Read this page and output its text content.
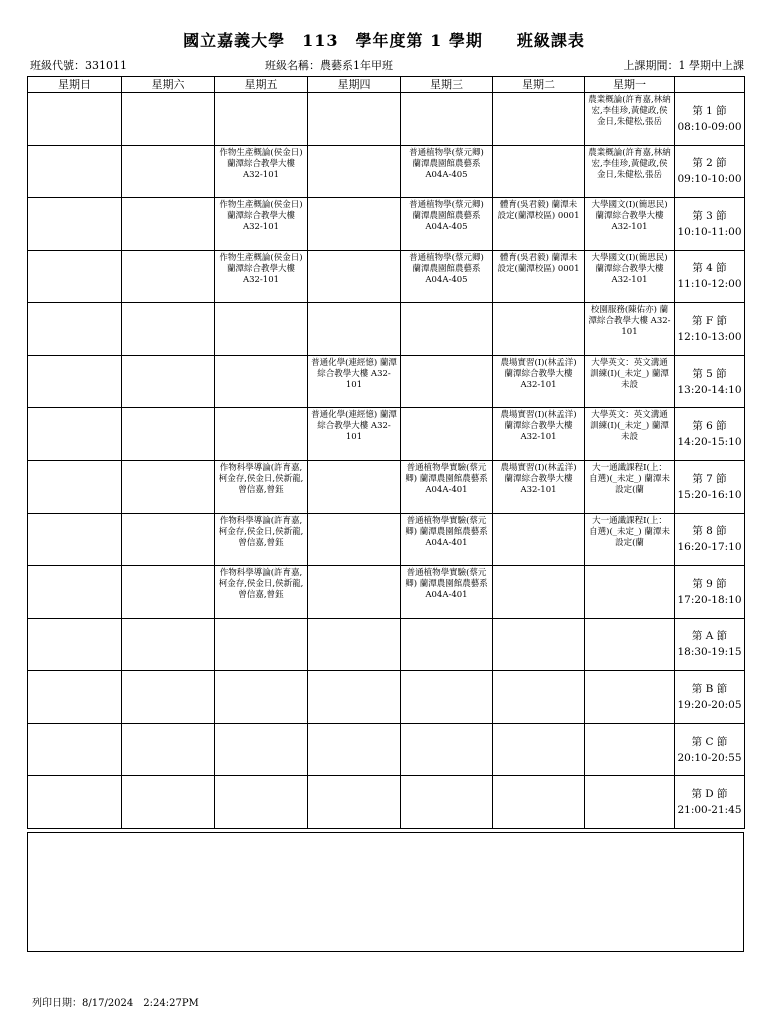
國立嘉義大學　113　學年度第 1 學期　　班級課表
班級代號：331011	班級名稱：農藝系1年甲班	上課期間：1 學期中上課
星期日	星期六	星期五	星期四	星期三	星期二	星期一	
						農業概論(許育嘉,林納宏,李佳珍,黃健政,侯金日,朱健松,張岳	第 1 節
08:10-09:00

		作物生產概論(侯金日) 蘭潭綜合教學大樓 A32-101		普通植物學(蔡元卿) 蘭潭農園館農藝系 A04A-405		農業概論(許育嘉,林納宏,李佳珍,黃健政,侯金日,朱健松,張岳	第 2 節
09:10-10:00

		作物生產概論(侯金日) 蘭潭綜合教學大樓 A32-101		普通植物學(蔡元卿) 蘭潭農園館農藝系 A04A-405	體育(吳君毅) 蘭潭未設定(蘭潭校區) 0001	大學國文(I)(簡思民) 蘭潭綜合教學大樓 A32-101	第 3 節
10:10-11:00

		作物生產概論(侯金日) 蘭潭綜合教學大樓 A32-101		普通植物學(蔡元卿) 蘭潭農園館農藝系 A04A-405	體育(吳君毅) 蘭潭未設定(蘭潭校區) 0001	大學國文(I)(簡思民) 蘭潭綜合教學大樓 A32-101	第 4 節
11:10-12:00

						校園服務(陳佑亦) 蘭潭綜合教學大樓 A32-101	第 F 節
12:10-13:00

			普通化學(連經憶) 蘭潭綜合教學大樓 A32-101		農場實習(I)(林孟洋) 蘭潭綜合教學大樓 A32-101	大學英文：英文溝通訓練(I)(_未定_) 蘭潭未設	第 5 節
13:20-14:10

			普通化學(連經憶) 蘭潭綜合教學大樓 A32-101		農場實習(I)(林孟洋) 蘭潭綜合教學大樓 A32-101	大學英文：英文溝通訓練(I)(_未定_) 蘭潭未設	第 6 節
14:20-15:10

		作物科學導論(許育嘉,柯金存,侯金日,侯新龍,曾信嘉,曾鈺		普通植物學實驗(蔡元卿) 蘭潭農園館農藝系 A04A-401	農場實習(I)(林孟洋) 蘭潭綜合教學大樓 A32-101	大一通識課程I(上：自選)(_未定_) 蘭潭未設定(蘭	第 7 節
15:20-16:10

		作物科學導論(許育嘉,柯金存,侯金日,侯新龍,曾信嘉,曾鈺		普通植物學實驗(蔡元卿) 蘭潭農園館農藝系 A04A-401		大一通識課程I(上：自選)(_未定_) 蘭潭未設定(蘭	第 8 節
16:20-17:10

		作物科學導論(許育嘉,柯金存,侯金日,侯新龍,曾信嘉,曾鈺		普通植物學實驗(蔡元卿) 蘭潭農園館農藝系 A04A-401			第 9 節
17:20-18:10

							第 A 節
18:30-19:15

							第 B 節
19:20-20:05

							第 C 節
20:10-20:55

							第 D 節
21:00-21:45
列印日期：8/17/2024　2:24:27PM
